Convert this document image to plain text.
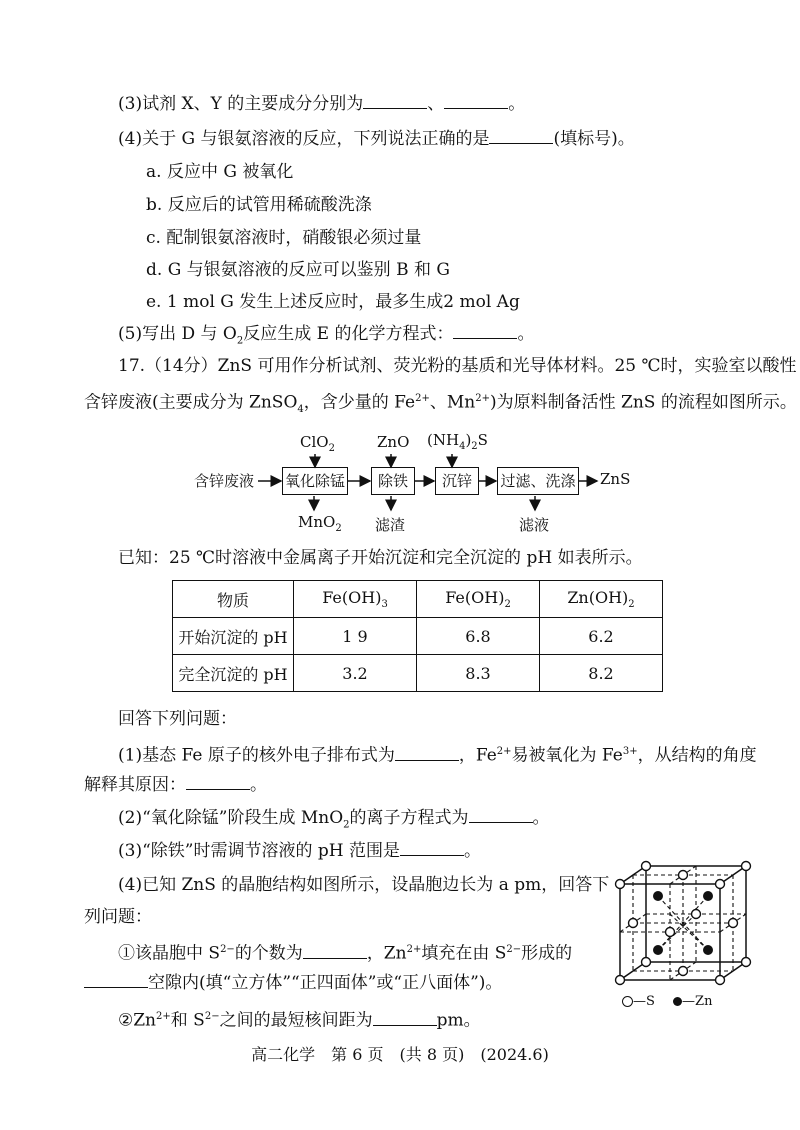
(3)试剂 X、Y 的主要成分分别为	、	。
(4)关于 G 与银氨溶液的反应，下列说法正确的是	(填标号)。
a. 反应中 G 被氧化
b. 反应后的试管用稀硫酸洗涤
c. 配制银氨溶液时，硝酸银必须过量
d. G 与银氨溶液的反应可以鉴别 B 和 G
e. 1 mol G 发生上述反应时，最多生成2 mol Ag
(5)写出 D 与 $O_2$反应生成 E 的化学方程式：	。
17.（14分）ZnS 可用作分析试剂、荧光粉的基质和光导体材料。25 ℃时，实验室以酸性
含锌废液(主要成分为 ZnSO$_4$，含少量的 $Fe^{2+}$、$Mn^{2+}$)为原料制备活性 ZnS 的流程如图所示。
含锌废液 氧化除锰	除铁	沉锌	过滤、洗涤 ZnS
ClO$_2$	ZnO $(NH_4)_2S$
MnO$_2$ 滤渣	滤液
已知：25 ℃时溶液中金属离子开始沉淀和完全沉淀的 pH 如表所示。
物质	$Fe(OH)_3$	$Fe(OH)_2$	$Zn(OH)_2$
开始沉淀的 pH	1 9	6.8	6.2
完全沉淀的 pH	3.2	8.3	8.2
回答下列问题：
(1)基态 Fe 原子的核外电子排布式为	，$Fe^{2+}$易被氧化为 $Fe^{3+}$，从结构的角度
解释其原因：	。
(2)“氧化除锰”阶段生成 MnO$_2$的离子方程式为	。
(3)“除铁”时需调节溶液的 pH 范围是	。
(4)已知 ZnS 的晶胞结构如图所示，设晶胞边长为 a pm，回答下
列问题：
①该晶胞中 $S^{2-}$的个数为	，$Zn^{2+}$填充在由 $S^{2-}$形成的
空隙内(填“立方体”“正四面体”或“正八面体”)。
$②Zn^{2+}$和 $S^{2-}$之间的最短核间距为	pm。
—S —Zn
高二化学　第 6 页　(共 8 页)　(2024.6)
